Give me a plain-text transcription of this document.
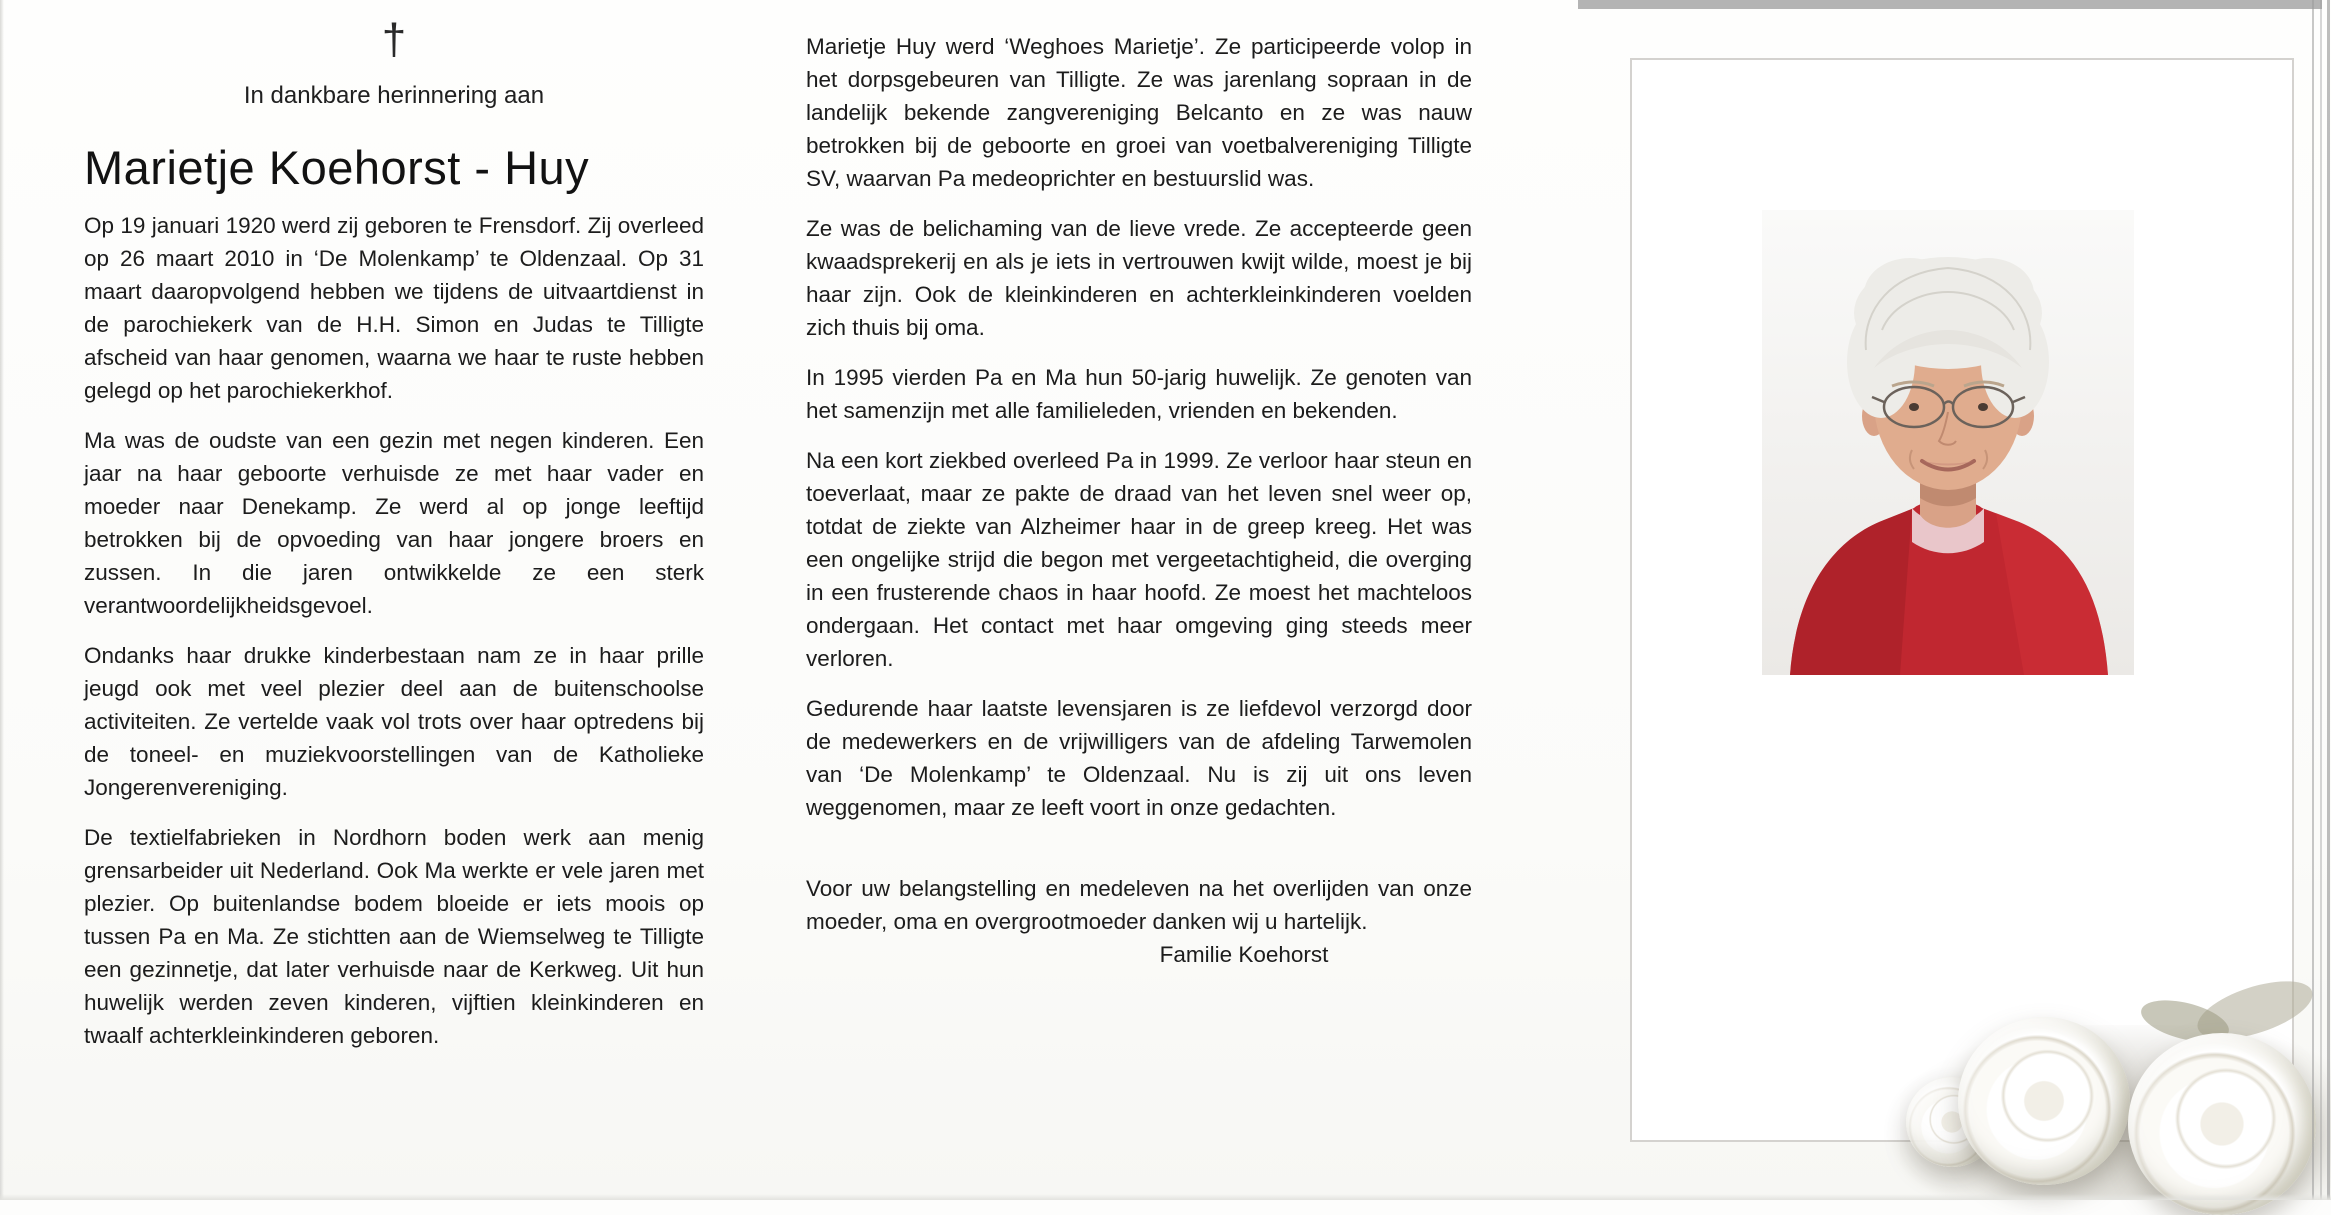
†
In dankbare herinnering aan
Marietje Koehorst - Huy

Op 19 januari 1920 werd zij geboren te Frensdorf. Zij overleed op 26 maart 2010 in ‘De Molenkamp’ te Oldenzaal. Op 31 maart daaropvolgend hebben we tijdens de uitvaartdienst in de parochiekerk van de H.H. Simon en Judas te Tilligte afscheid van haar genomen, waarna we haar te ruste hebben gelegd op het parochiekerkhof.

Ma was de oudste van een gezin met negen kinderen. Een jaar na haar geboorte verhuisde ze met haar vader en moeder naar Denekamp. Ze werd al op jonge leeftijd betrokken bij de opvoeding van haar jongere broers en zussen. In die jaren ontwikkelde ze een sterk verantwoordelijkheidsgevoel.

Ondanks haar drukke kinderbestaan nam ze in haar prille jeugd ook met veel plezier deel aan de buitenschoolse activiteiten. Ze vertelde vaak vol trots over haar optredens bij de toneel- en muziekvoorstellingen van de Katholieke Jongerenvereniging.

De textielfabrieken in Nordhorn boden werk aan menig grensarbeider uit Nederland. Ook Ma werkte er vele jaren met plezier. Op buitenlandse bodem bloeide er iets moois op tussen Pa en Ma. Ze stichtten aan de Wiemselweg te Tilligte een gezinnetje, dat later verhuisde naar de Kerkweg. Uit hun huwelijk werden zeven kinderen, vijftien kleinkinderen en twaalf achterkleinkinderen geboren.

Marietje Huy werd ‘Weghoes Marietje’. Ze participeerde volop in het dorpsgebeuren van Tilligte. Ze was jarenlang sopraan in de landelijk bekende zangvereniging Belcanto en ze was nauw betrokken bij de geboorte en groei van voetbalvereniging Tilligte SV, waarvan Pa medeoprichter en bestuurslid was.

Ze was de belichaming van de lieve vrede. Ze accepteerde geen kwaadsprekerij en als je iets in vertrouwen kwijt wilde, moest je bij haar zijn. Ook de kleinkinderen en achterkleinkinderen voelden zich thuis bij oma.

In 1995 vierden Pa en Ma hun 50-jarig huwelijk. Ze genoten van het samenzijn met alle familieleden, vrienden en bekenden.

Na een kort ziekbed overleed Pa in 1999. Ze verloor haar steun en toeverlaat, maar ze pakte de draad van het leven snel weer op, totdat de ziekte van Alzheimer haar in de greep kreeg. Het was een ongelijke strijd die begon met vergeetachtigheid, die overging in een frusterende chaos in haar hoofd. Ze moest het machteloos ondergaan. Het contact met haar omgeving ging steeds meer verloren.

Gedurende haar laatste levensjaren is ze liefdevol verzorgd door de medewerkers en de vrijwilligers van de afdeling Tarwemolen van ‘De Molenkamp’ te Oldenzaal. Nu is zij uit ons leven weggenomen, maar ze leeft voort in onze gedachten.

Voor uw belangstelling en medeleven na het overlijden van onze moeder, oma en overgrootmoeder danken wij u hartelijk.

Familie Koehorst
